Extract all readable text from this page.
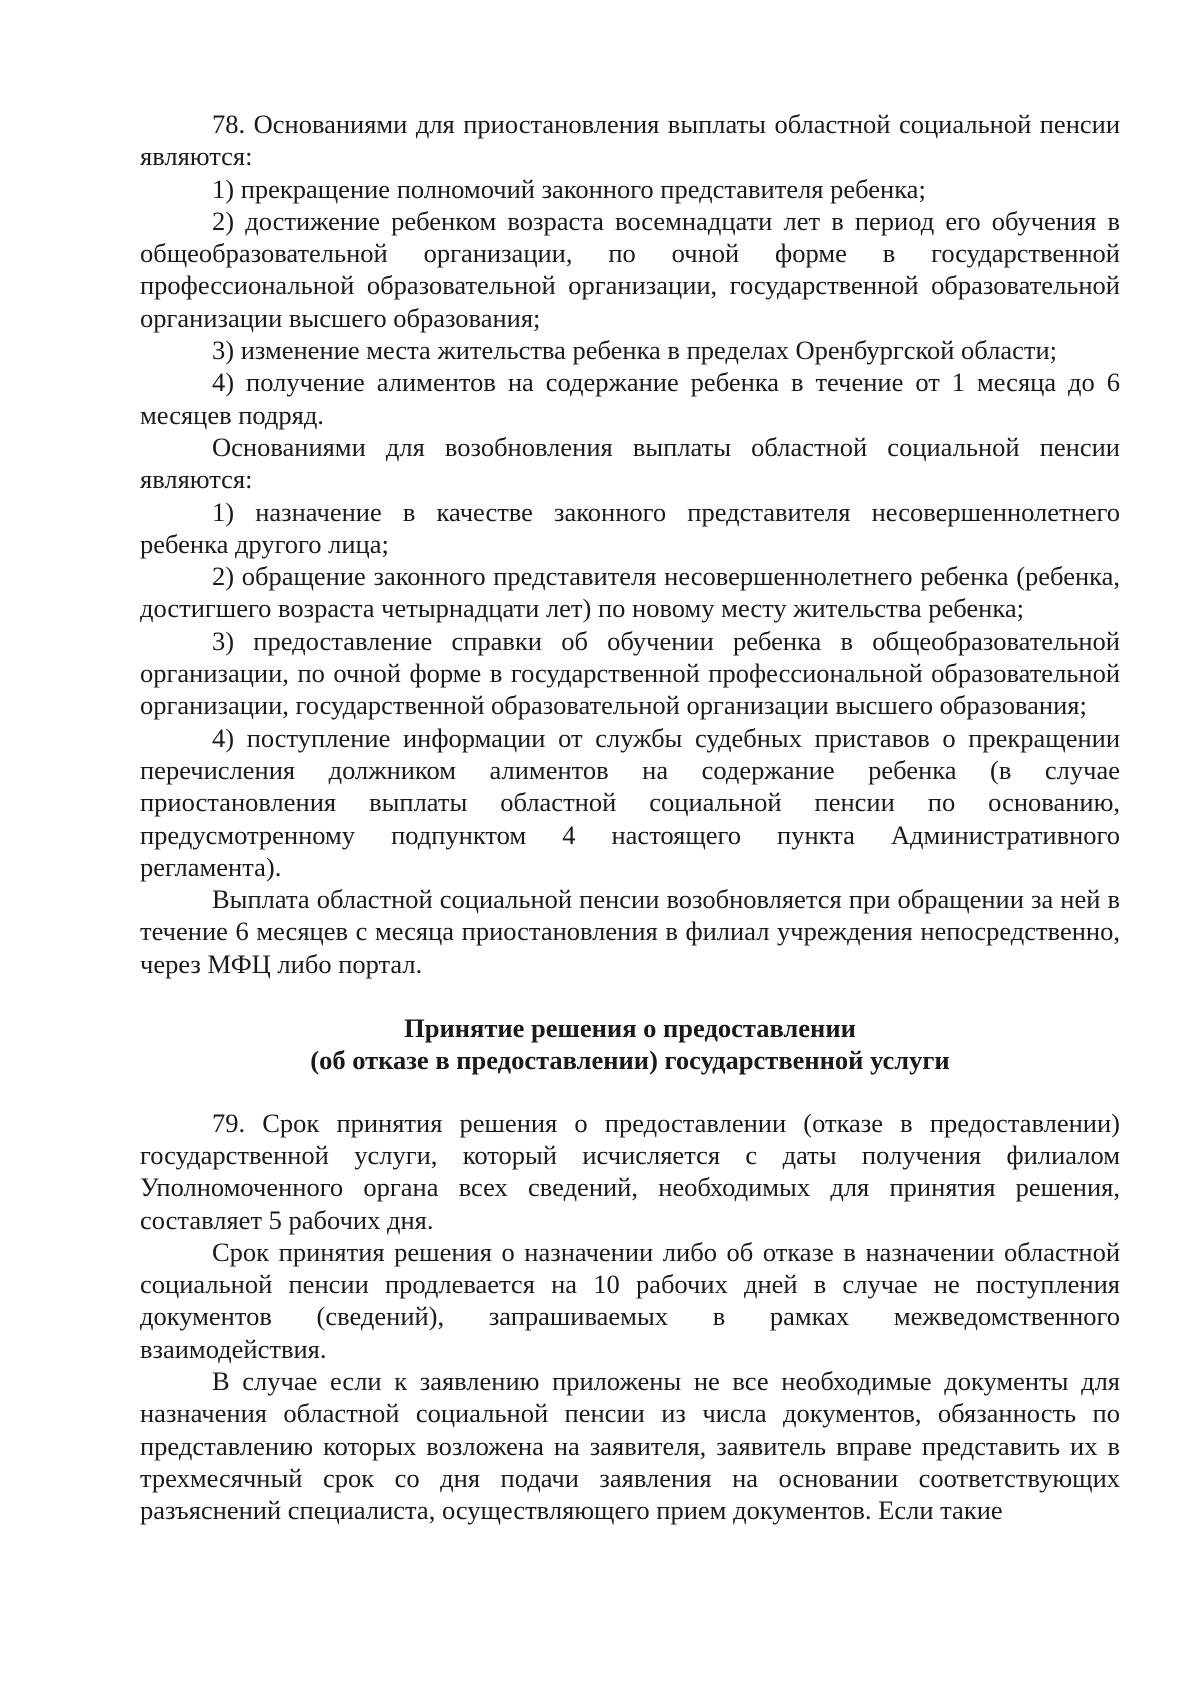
78. Основаниями для приостановления выплаты областной социальной пенсии являются:

1) прекращение полномочий законного представителя ребенка;

2) достижение ребенком возраста восемнадцати лет в период его обучения в общеобразовательной организации, по очной форме в государственной профессиональной образовательной организации, государственной образовательной организации высшего образования;

3) изменение места жительства ребенка в пределах Оренбургской области;

4) получение алиментов на содержание ребенка в течение от 1 месяца до 6 месяцев подряд.

Основаниями для возобновления выплаты областной социальной пенсии являются:

1) назначение в качестве законного представителя несовершеннолетнего ребенка другого лица;

2) обращение законного представителя несовершеннолетнего ребенка (ребенка, достигшего возраста четырнадцати лет) по новому месту жительства ребенка;

3) предоставление справки об обучении ребенка в общеобразовательной организации, по очной форме в государственной профессиональной образовательной организации, государственной образовательной организации высшего образования;

4) поступление информации от службы судебных приставов о прекращении перечисления должником алиментов на содержание ребенка (в случае приостановления выплаты областной социальной пенсии по основанию, предусмотренному подпунктом 4 настоящего пункта Административного регламента).

Выплата областной социальной пенсии возобновляется при обращении за ней в течение 6 месяцев с месяца приостановления в филиал учреждения непосредственно, через МФЦ либо портал.

Принятие решения о предоставлении
(об отказе в предоставлении) государственной услуги

79. Срок принятия решения о предоставлении (отказе в предоставлении) государственной услуги, который исчисляется с даты получения филиалом Уполномоченного органа всех сведений, необходимых для принятия решения, составляет 5 рабочих дня.

Срок принятия решения о назначении либо об отказе в назначении областной социальной пенсии продлевается на 10 рабочих дней в случае не поступления документов (сведений), запрашиваемых в рамках межведомственного взаимодействия.

В случае если к заявлению приложены не все необходимые документы для назначения областной социальной пенсии из числа документов, обязанность по представлению которых возложена на заявителя, заявитель вправе представить их в трехмесячный срок со дня подачи заявления на основании соответствующих разъяснений специалиста, осуществляющего прием документов. Если такие
